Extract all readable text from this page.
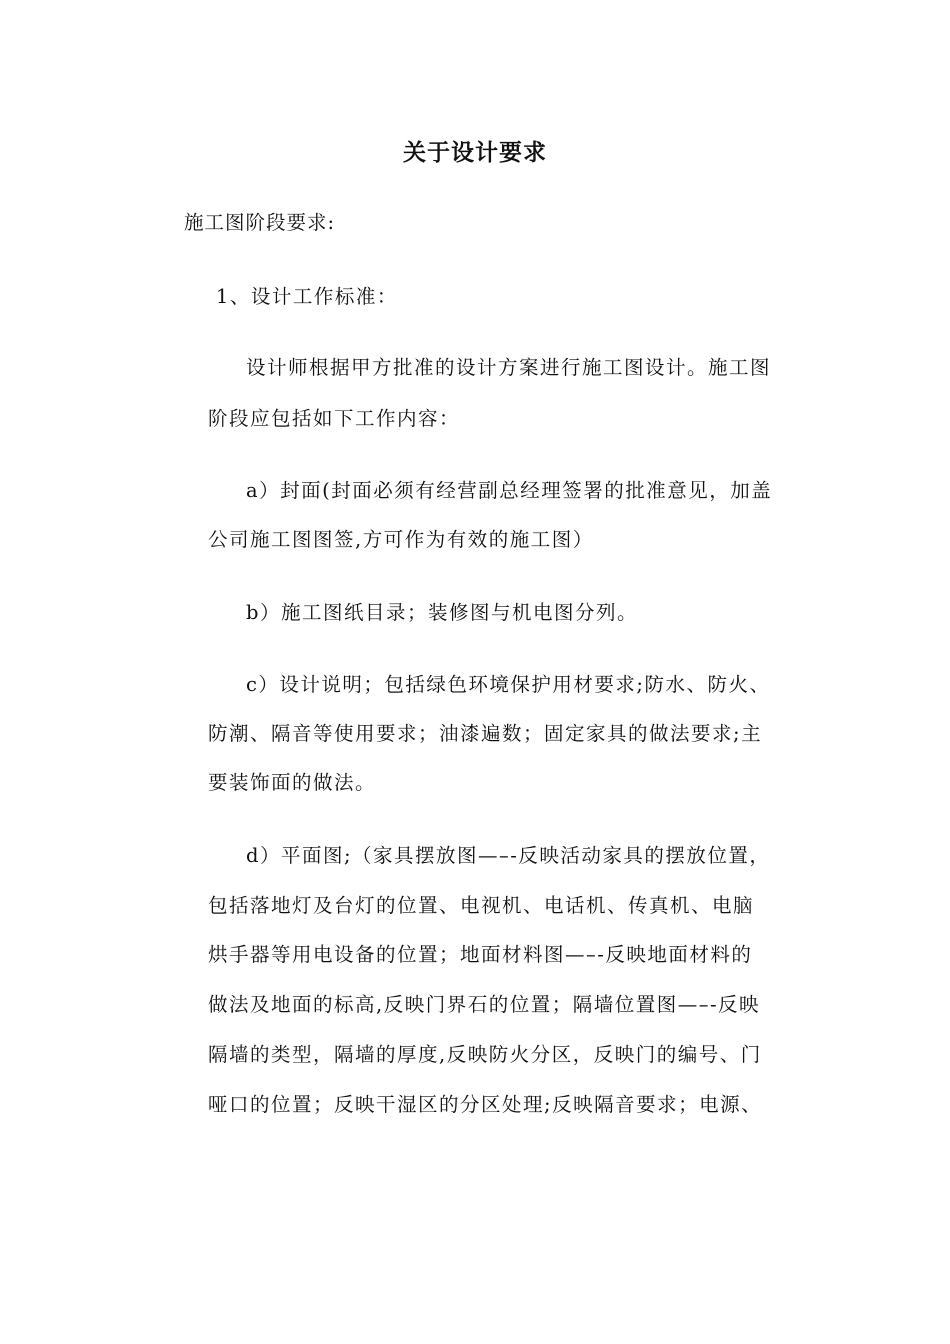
关于设计要求

施工图阶段要求:

1、设计工作标准：

设计师根据甲方批准的设计方案进行施工图设计。施工图

阶段应包括如下工作内容：

a）封面(封面必须有经营副总经理签署的批准意见，加盖

公司施工图图签,方可作为有效的施工图）

b）施工图纸目录；装修图与机电图分列。

c）设计说明；包括绿色环境保护用材要求;防水、防火、

防潮、隔音等使用要求；油漆遍数；固定家具的做法要求;主

要装饰面的做法。

d）平面图;（家具摆放图—–-反映活动家具的摆放位置，

包括落地灯及台灯的位置、电视机、电话机、传真机、电脑

烘手器等用电设备的位置；地面材料图—–-反映地面材料的

做法及地面的标高,反映门界石的位置；隔墙位置图—–-反映

隔墙的类型，隔墙的厚度,反映防火分区，反映门的编号、门

哑口的位置；反映干湿区的分区处理;反映隔音要求；电源、
